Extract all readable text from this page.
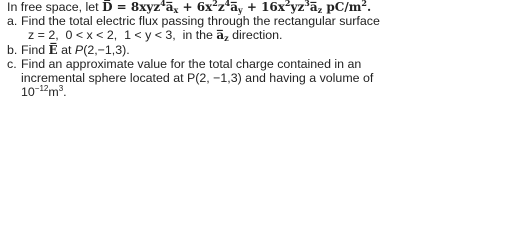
In free space, let D̅ = $8xyz^4a̅_x$ + $6x^2z^4a̅_y$ + $16x^2yz^3a̅_z$ $pC/m^2$.
a. Find the total electric flux passing through the rectangular surface
z = 2,  0 < x < 2,  1 < y < 3,  in the $a̅_z$ direction.
b. Find E̅ at P(2,−1,3).
c. Find an approximate value for the total charge contained in an
incremental sphere located at P(2, −1,3) and having a volume of
$10^{-12}m^3$.
